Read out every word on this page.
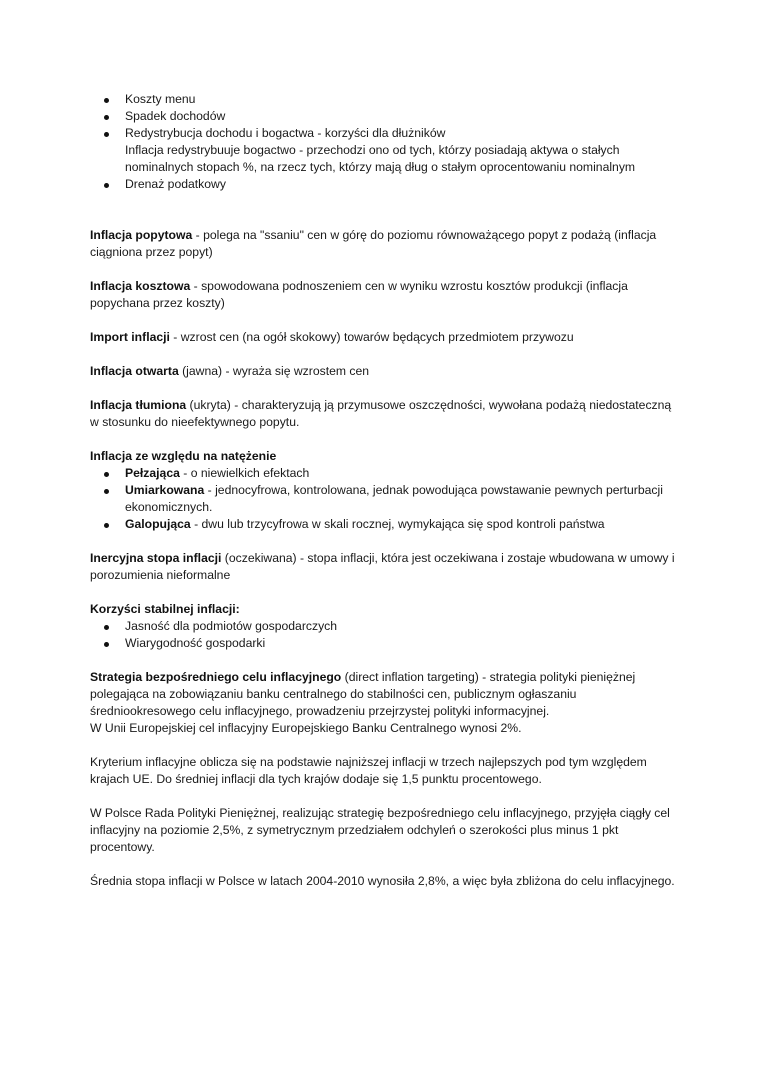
Koszty menu
Spadek dochodów
Redystrybucja dochodu i bogactwa - korzyści dla dłużników
Inflacja redystrybuuje bogactwo - przechodzi ono od tych, którzy posiadają aktywa o stałych nominalnych stopach %, na rzecz tych, którzy mają dług o stałym oprocentowaniu nominalnym
Drenaż podatkowy

Inflacja popytowa - polega na "ssaniu" cen w górę do poziomu równoważącego popyt z podażą (inflacja ciągniona przez popyt)

Inflacja kosztowa - spowodowana podnoszeniem cen w wyniku wzrostu kosztów produkcji (inflacja popychana przez koszty)

Import inflacji - wzrost cen (na ogół skokowy) towarów będących przedmiotem przywozu

Inflacja otwarta (jawna) - wyraża się wzrostem cen

Inflacja tłumiona (ukryta) - charakteryzują ją przymusowe oszczędności, wywołana podażą niedostateczną w stosunku do nieefektywnego popytu.

Inflacja ze względu na natężenie

Pełzająca - o niewielkich efektach
Umiarkowana - jednocyfrowa, kontrolowana, jednak powodująca powstawanie pewnych perturbacji ekonomicznych.
Galopująca - dwu lub trzycyfrowa w skali rocznej, wymykająca się spod kontroli państwa

Inercyjna stopa inflacji (oczekiwana) - stopa inflacji, która jest oczekiwana i zostaje wbudowana w umowy i porozumienia nieformalne

Korzyści stabilnej inflacji:

Jasność dla podmiotów gospodarczych
Wiarygodność gospodarki

Strategia bezpośredniego celu inflacyjnego (direct inflation targeting) - strategia polityki pieniężnej polegająca na zobowiązaniu banku centralnego do stabilności cen, publicznym ogłaszaniu średniookresowego celu inflacyjnego, prowadzeniu przejrzystej polityki informacyjnej.

W Unii Europejskiej cel inflacyjny Europejskiego Banku Centralnego wynosi 2%.

Kryterium inflacyjne oblicza się na podstawie najniższej inflacji w trzech najlepszych pod tym względem krajach UE. Do średniej inflacji dla tych krajów dodaje się 1,5 punktu procentowego.

W Polsce Rada Polityki Pieniężnej, realizując strategię bezpośredniego celu inflacyjnego, przyjęła ciągły cel inflacyjny na poziomie 2,5%, z symetrycznym przedziałem odchyleń o szerokości plus minus 1 pkt procentowy.

Średnia stopa inflacji w Polsce w latach 2004-2010 wynosiła 2,8%, a więc była zbliżona do celu inflacyjnego.
